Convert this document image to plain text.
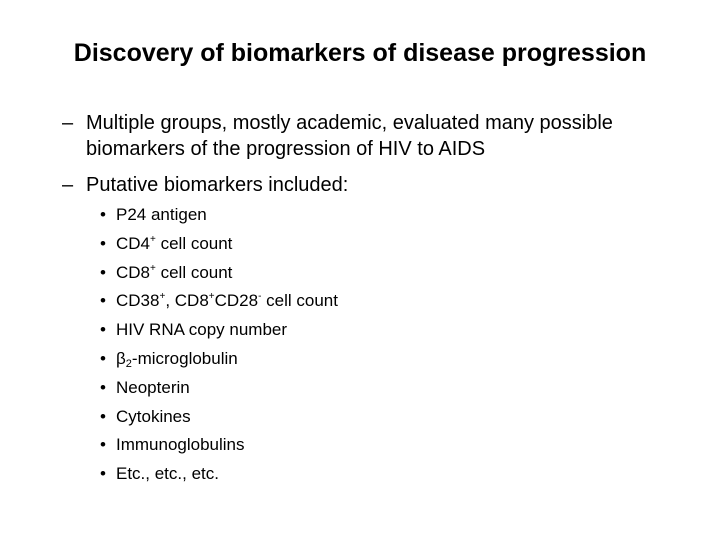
Discovery of biomarkers of disease progression
– Multiple groups, mostly academic, evaluated many possible biomarkers of the progression of HIV to AIDS
– Putative biomarkers included:
• P24 antigen
• CD4+ cell count
• CD8+ cell count
• CD38+, CD8+CD28- cell count
• HIV RNA copy number
• $\beta_2$-microglobulin
• Neopterin
• Cytokines
• Immunoglobulins
• Etc., etc., etc.
